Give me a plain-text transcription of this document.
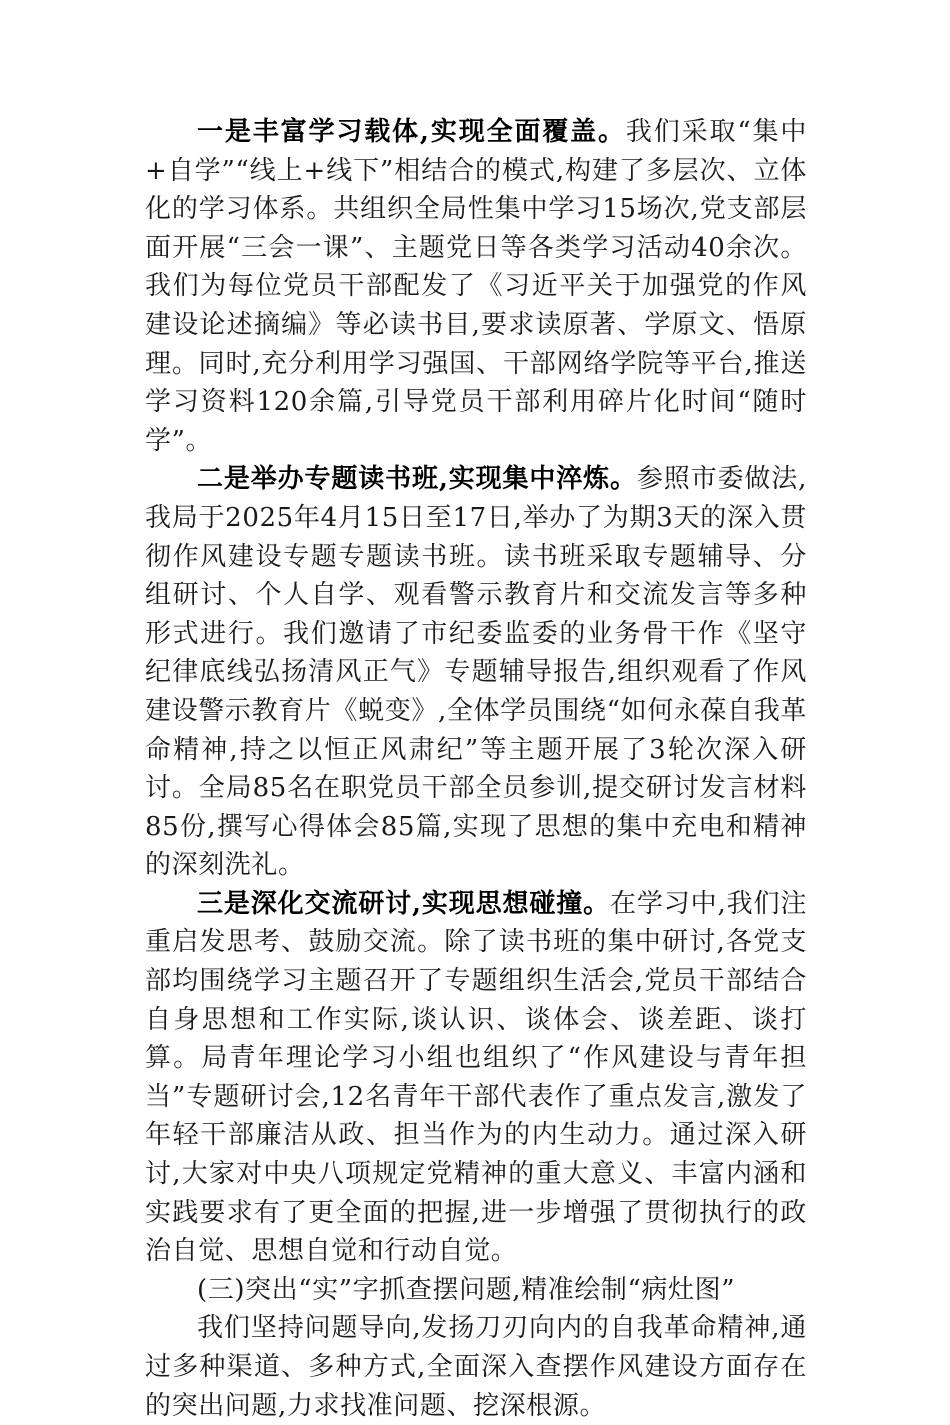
一是丰富学习载体,实现全面覆盖。我们采取“集中+自学”“线上+线下”相结合的模式,构建了多层次、立体化的学习体系。共组织全局性集中学习15场次,党支部层面开展“三会一课”、主题党日等各类学习活动40余次。我们为每位党员干部配发了《习近平关于加强党的作风建设论述摘编》等必读书目,要求读原著、学原文、悟原理。同时,充分利用学习强国、干部网络学院等平台,推送学习资料120余篇,引导党员干部利用碎片化时间“随时学”。

二是举办专题读书班,实现集中淬炼。参照市委做法,我局于2025年4月15日至17日,举办了为期3天的深入贯彻作风建设专题专题读书班。读书班采取专题辅导、分组研讨、个人自学、观看警示教育片和交流发言等多种形式进行。我们邀请了市纪委监委的业务骨干作《坚守纪律底线弘扬清风正气》专题辅导报告,组织观看了作风建设警示教育片《蜕变》,全体学员围绕“如何永葆自我革命精神,持之以恒正风肃纪”等主题开展了3轮次深入研讨。全局85名在职党员干部全员参训,提交研讨发言材料85份,撰写心得体会85篇,实现了思想的集中充电和精神的深刻洗礼。

三是深化交流研讨,实现思想碰撞。在学习中,我们注重启发思考、鼓励交流。除了读书班的集中研讨,各党支部均围绕学习主题召开了专题组织生活会,党员干部结合自身思想和工作实际,谈认识、谈体会、谈差距、谈打算。局青年理论学习小组也组织了“作风建设与青年担当”专题研讨会,12名青年干部代表作了重点发言,激发了年轻干部廉洁从政、担当作为的内生动力。通过深入研讨,大家对中央八项规定党精神的重大意义、丰富内涵和实践要求有了更全面的把握,进一步增强了贯彻执行的政治自觉、思想自觉和行动自觉。

(三)突出“实”字抓查摆问题,精准绘制“病灶图”

我们坚持问题导向,发扬刀刃向内的自我革命精神,通过多种渠道、多种方式,全面深入查摆作风建设方面存在的突出问题,力求找准问题、挖深根源。
